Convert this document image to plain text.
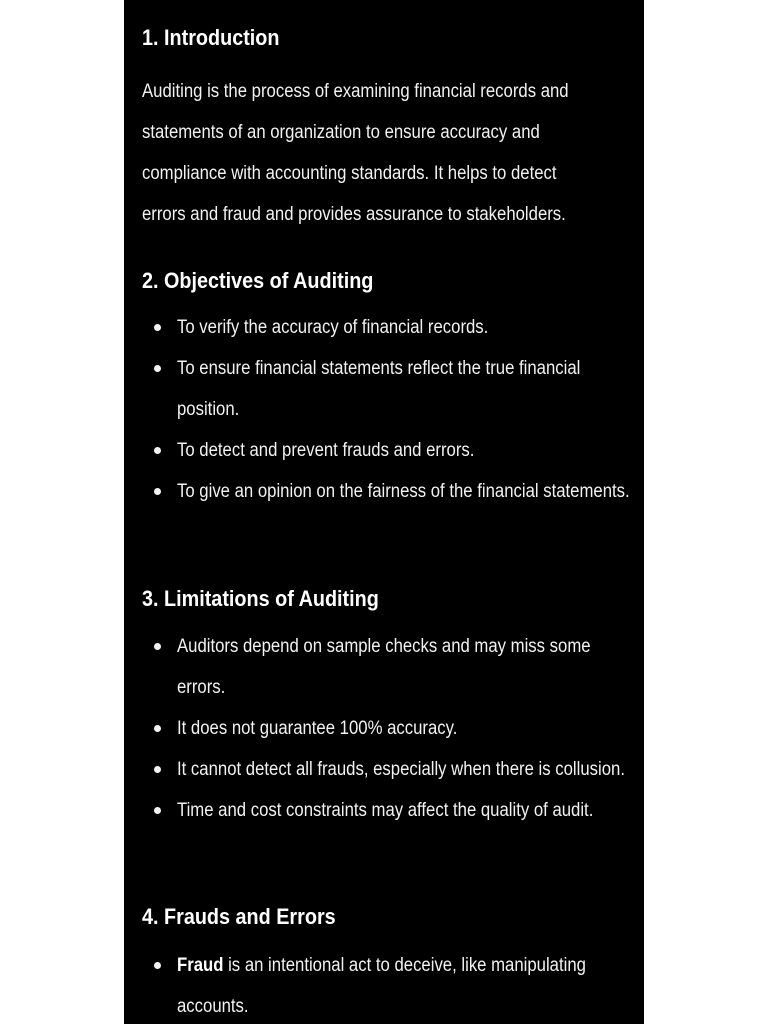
1. Introduction

Auditing is the process of examining financial records and statements of an organization to ensure accuracy and compliance with accounting standards. It helps to detect errors and fraud and provides assurance to stakeholders.

2. Objectives of Auditing
To verify the accuracy of financial records.
To ensure financial statements reflect the true financial position.
To detect and prevent frauds and errors.
To give an opinion on the fairness of the financial statements.
3. Limitations of Auditing
Auditors depend on sample checks and may miss some errors.
It does not guarantee 100% accuracy.
It cannot detect all frauds, especially when there is collusion.
Time and cost constraints may affect the quality of audit.
4. Frauds and Errors
Fraud is an intentional act to deceive, like manipulating accounts.
